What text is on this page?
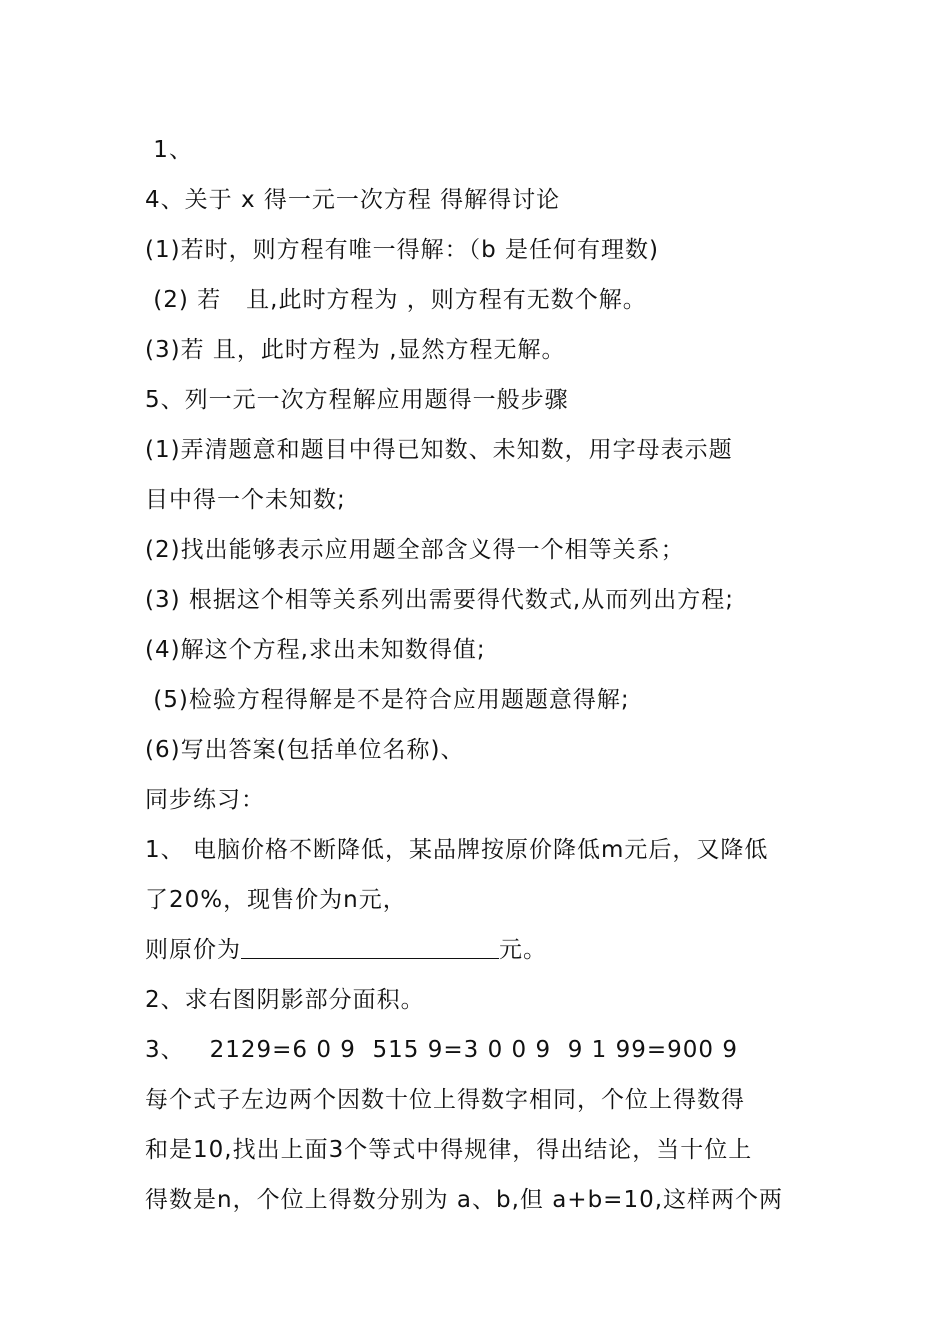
1、
4、关于 x 得一元一次方程 得解得讨论
(1)若时，则方程有唯一得解：（b 是任何有理数)
(2) 若   且,此时方程为 ，则方程有无数个解。
(3)若 且，此时方程为 ,显然方程无解。
5、列一元一次方程解应用题得一般步骤
(1)弄清题意和题目中得已知数、未知数，用字母表示题
目中得一个未知数;
(2)找出能够表示应用题全部含义得一个相等关系；
(3) 根据这个相等关系列出需要得代数式,从而列出方程;
(4)解这个方程,求出未知数得值;
(5)检验方程得解是不是符合应用题题意得解;
(6)写出答案(包括单位名称)、
同步练习：
1、 电脑价格不断降低，某品牌按原价降低m元后，又降低
了20%，现售价为n元，
则原价为	元。
2、求右图阴影部分面积。
3、   2129=6 0 9  515 9=3 0 0 9  9 1 99=900 9
每个式子左边两个因数十位上得数字相同，个位上得数得
和是10,找出上面3个等式中得规律，得出结论，当十位上
得数是n，个位上得数分别为 a、b,但 a+b=10,这样两个两
